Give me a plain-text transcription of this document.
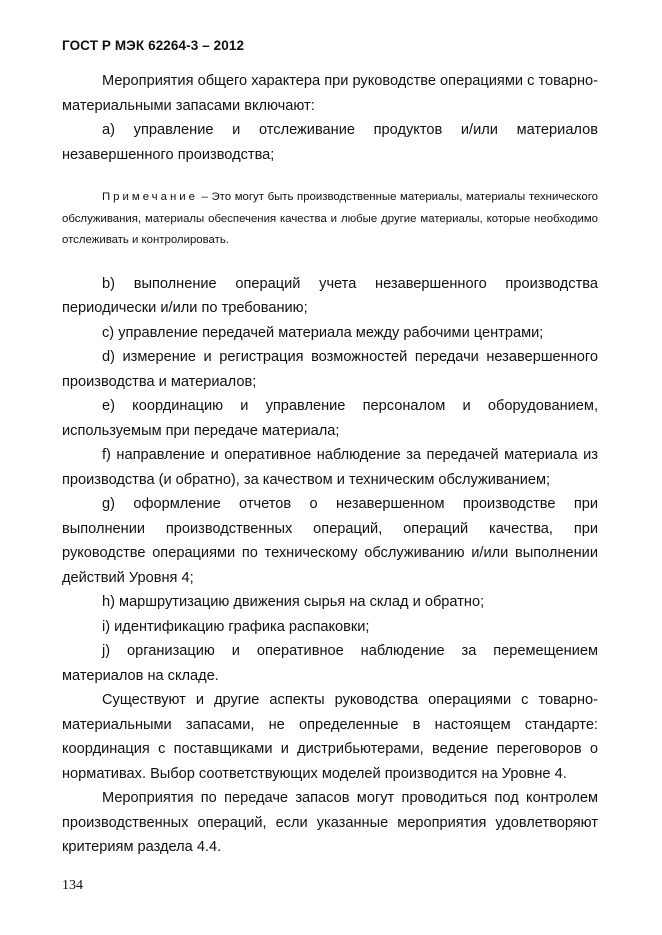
ГОСТ Р МЭК 62264-3 – 2012

Мероприятия общего характера при руководстве операциями с товарно-материальными запасами включают:

a) управление и отслеживание продуктов и/или материалов незавершенного производства;

Примечание – Это могут быть производственные материалы, материалы технического обслуживания, материалы обеспечения качества и любые другие материалы, которые необходимо отслеживать и контролировать.

b) выполнение операций учета незавершенного производства периодически и/или по требованию;

c) управление передачей материала между рабочими центрами;

d) измерение и регистрация возможностей передачи незавершенного производства и материалов;

e) координацию и управление персоналом и оборудованием, используемым при передаче материала;

f) направление и оперативное наблюдение за передачей материала из производства (и обратно), за качеством и техническим обслуживанием;

g) оформление отчетов о незавершенном производстве при выполнении производственных операций, операций качества, при руководстве операциями по техническому обслуживанию и/или выполнении действий Уровня 4;

h) маршрутизацию движения сырья на склад и обратно;

i) идентификацию графика распаковки;

j) организацию и оперативное наблюдение за перемещением материалов на складе.

Существуют и другие аспекты руководства операциями с товарно-материальными запасами, не определенные в настоящем стандарте: координация с поставщиками и дистрибьютерами, ведение переговоров о нормативах. Выбор соответствующих моделей производится на Уровне 4.

Мероприятия по передаче запасов могут проводиться под контролем производственных операций, если указанные мероприятия удовлетворяют критериям раздела 4.4.

134
